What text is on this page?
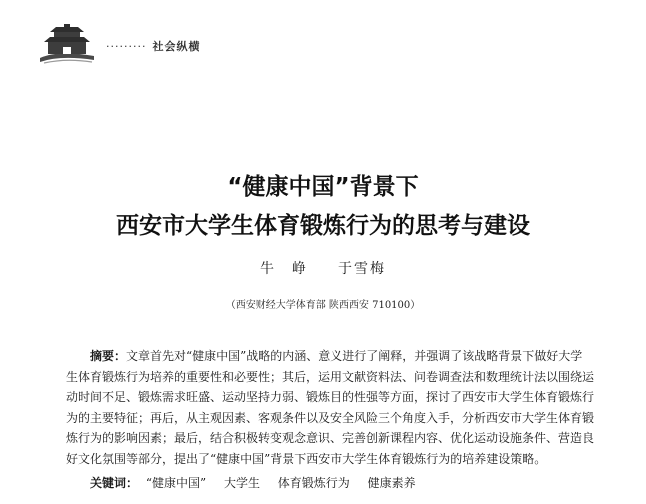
········· 社会纵横
“健康中国”背景下
西安市大学生体育锻炼行为的思考与建设
牛　峥 于雪梅
（西安财经大学体育部 陕西西安 710100）
摘要：文章首先对“健康中国”战略的内涵、意义进行了阐释，并强调了该战略背景下做好大学
生体育锻炼行为培养的重要性和必要性；其后，运用文献资料法、问卷调查法和数理统计法以围绕运
动时间不足、锻炼需求旺盛、运动坚持力弱、锻炼目的性强等方面，探讨了西安市大学生体育锻炼行
为的主要特征；再后，从主观因素、客观条件以及安全风险三个角度入手，分析西安市大学生体育锻
炼行为的影响因素；最后，结合积极转变观念意识、完善创新课程内容、优化运动设施条件、营造良
好文化氛围等部分，提出了“健康中国”背景下西安市大学生体育锻炼行为的培养建设策略。
关键词： “健康中国” 大学生 体育锻炼行为 健康素养
